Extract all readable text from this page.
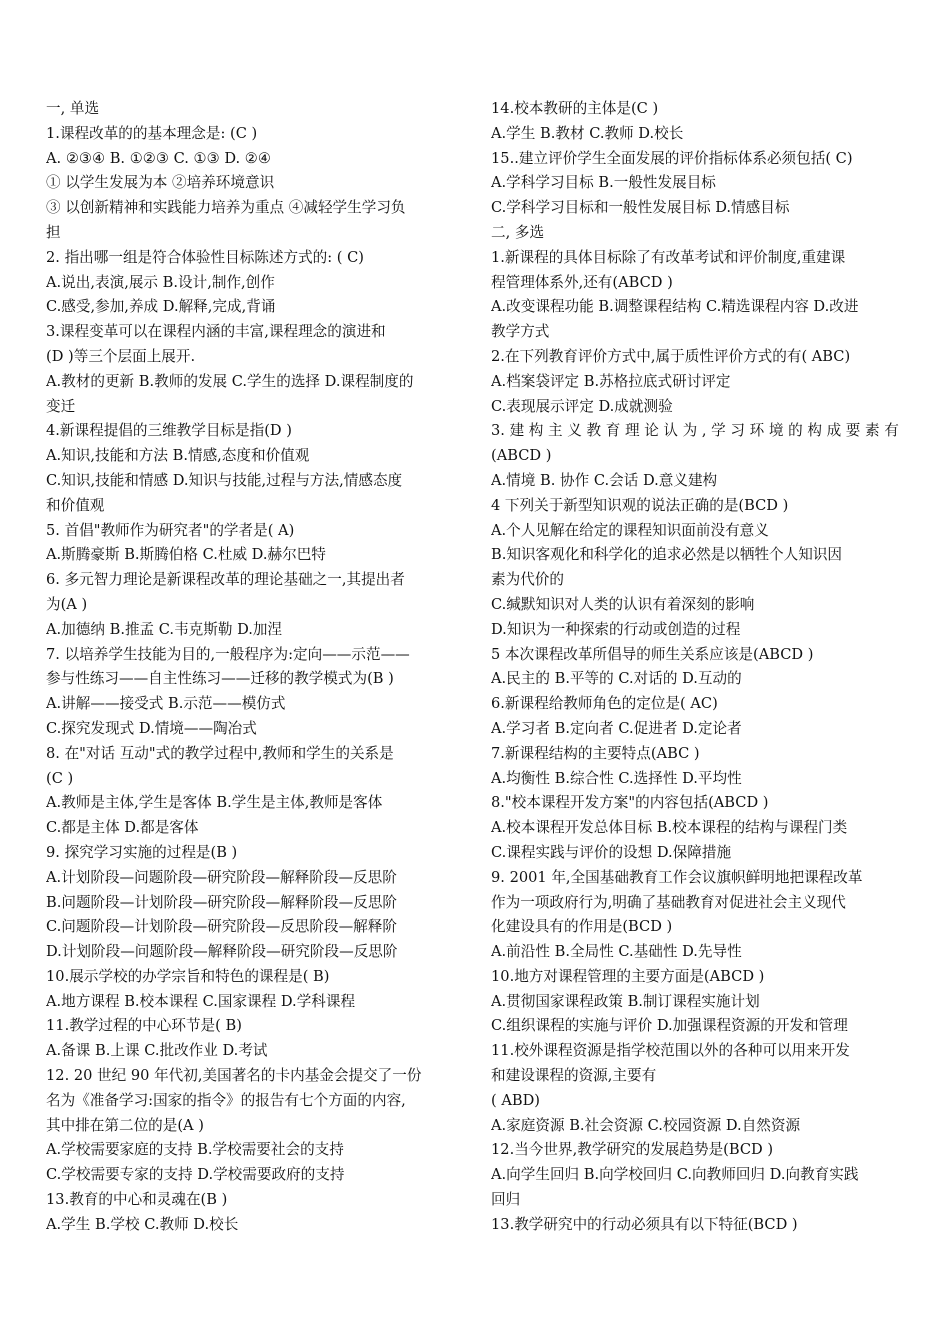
一, 单选
1.课程改革的的基本理念是: (C )
A. ②③④ B. ①②③ C. ①③ D. ②④
① 以学生发展为本 ②培养环境意识
③ 以创新精神和实践能力培养为重点 ④减轻学生学习负
担
2. 指出哪一组是符合体验性目标陈述方式的: ( C)
A.说出,表演,展示 B.设计,制作,创作
C.感受,参加,养成 D.解释,完成,背诵
3.课程变革可以在课程内涵的丰富,课程理念的演进和
(D )等三个层面上展开.
A.教材的更新 B.教师的发展 C.学生的选择 D.课程制度的
变迁
4.新课程提倡的三维教学目标是指(D )
A.知识,技能和方法 B.情感,态度和价值观
C.知识,技能和情感 D.知识与技能,过程与方法,情感态度
和价值观
5. 首倡"教师作为研究者"的学者是( A)
A.斯腾豪斯 B.斯腾伯格 C.杜威 D.赫尔巴特
6. 多元智力理论是新课程改革的理论基础之一,其提出者
为(A )
A.加德纳 B.推孟 C.韦克斯勒 D.加涅
7. 以培养学生技能为目的,一般程序为:定向——示范——
参与性练习——自主性练习——迁移的教学模式为(B )
A.讲解——接受式 B.示范——模仿式
C.探究发现式 D.情境——陶冶式
8. 在"对话 互动"式的教学过程中,教师和学生的关系是
(C )
A.教师是主体,学生是客体 B.学生是主体,教师是客体
C.都是主体 D.都是客体
9. 探究学习实施的过程是(B )
A.计划阶段—问题阶段—研究阶段—解释阶段—反思阶
B.问题阶段—计划阶段—研究阶段—解释阶段—反思阶
C.问题阶段—计划阶段—研究阶段—反思阶段—解释阶
D.计划阶段—问题阶段—解释阶段—研究阶段—反思阶
10.展示学校的办学宗旨和特色的课程是( B)
A.地方课程 B.校本课程 C.国家课程 D.学科课程
11.教学过程的中心环节是( B)
A.备课 B.上课 C.批改作业 D.考试
12. 20 世纪 90 年代初,美国著名的卡内基金会提交了一份
名为《准备学习:国家的指令》的报告有七个方面的内容,
其中排在第二位的是(A )
A.学校需要家庭的支持 B.学校需要社会的支持
C.学校需要专家的支持 D.学校需要政府的支持
13.教育的中心和灵魂在(B )
A.学生 B.学校 C.教师 D.校长
14.校本教研的主体是(C )
A.学生 B.教材 C.教师 D.校长
15..建立评价学生全面发展的评价指标体系必须包括( C)
A.学科学习目标 B.一般性发展目标
C.学科学习目标和一般性发展目标 D.情感目标
二, 多选
1.新课程的具体目标除了有改革考试和评价制度,重建课
程管理体系外,还有(ABCD )
A.改变课程功能 B.调整课程结构 C.精选课程内容 D.改进
教学方式
2.在下列教育评价方式中,属于质性评价方式的有( ABC)
A.档案袋评定 B.苏格拉底式研讨评定
C.表现展示评定 D.成就测验
3. 建 构 主 义 教 育 理 论 认 为 , 学 习 环 境 的 构 成 要 素 有
(ABCD )
A.情境 B. 协作 C.会话 D.意义建构
4 下列关于新型知识观的说法正确的是(BCD )
A.个人见解在给定的课程知识面前没有意义
B.知识客观化和科学化的追求必然是以牺牲个人知识因
素为代价的
C.缄默知识对人类的认识有着深刻的影响
D.知识为一种探索的行动或创造的过程
5 本次课程改革所倡导的师生关系应该是(ABCD )
A.民主的 B.平等的 C.对话的 D.互动的
6.新课程给教师角色的定位是( AC)
A.学习者 B.定向者 C.促进者 D.定论者
7.新课程结构的主要特点(ABC )
A.均衡性 B.综合性 C.选择性 D.平均性
8."校本课程开发方案"的内容包括(ABCD )
A.校本课程开发总体目标 B.校本课程的结构与课程门类
C.课程实践与评价的设想 D.保障措施
9. 2001 年,全国基础教育工作会议旗帜鲜明地把课程改革
作为一项政府行为,明确了基础教育对促进社会主义现代
化建设具有的作用是(BCD )
A.前沿性 B.全局性 C.基础性 D.先导性
10.地方对课程管理的主要方面是(ABCD )
A.贯彻国家课程政策 B.制订课程实施计划
C.组织课程的实施与评价 D.加强课程资源的开发和管理
11.校外课程资源是指学校范围以外的各种可以用来开发
和建设课程的资源,主要有
( ABD)
A.家庭资源 B.社会资源 C.校园资源 D.自然资源
12.当今世界,教学研究的发展趋势是(BCD )
A.向学生回归 B.向学校回归 C.向教师回归 D.向教育实践
回归
13.教学研究中的行动必须具有以下特征(BCD )
